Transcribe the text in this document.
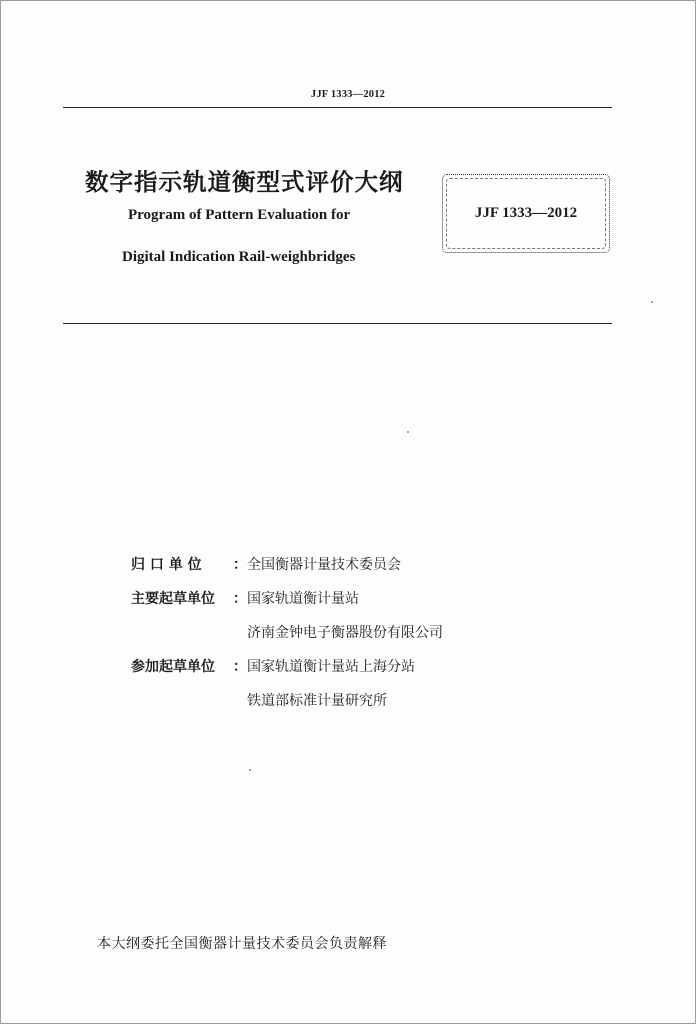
JJF 1333—2012
数字指示轨道衡型式评价大纲
Program of Pattern Evaluation for
Digital Indication Rail-weighbridges
JJF 1333—2012
归 口 单 位	： 全国衡器计量技术委员会
主要起草单位	： 国家轨道衡计量站
济南金钟电子衡器股份有限公司
参加起草单位	： 国家轨道衡计量站上海分站
铁道部标准计量研究所
本大纲委托全国衡器计量技术委员会负责解释
